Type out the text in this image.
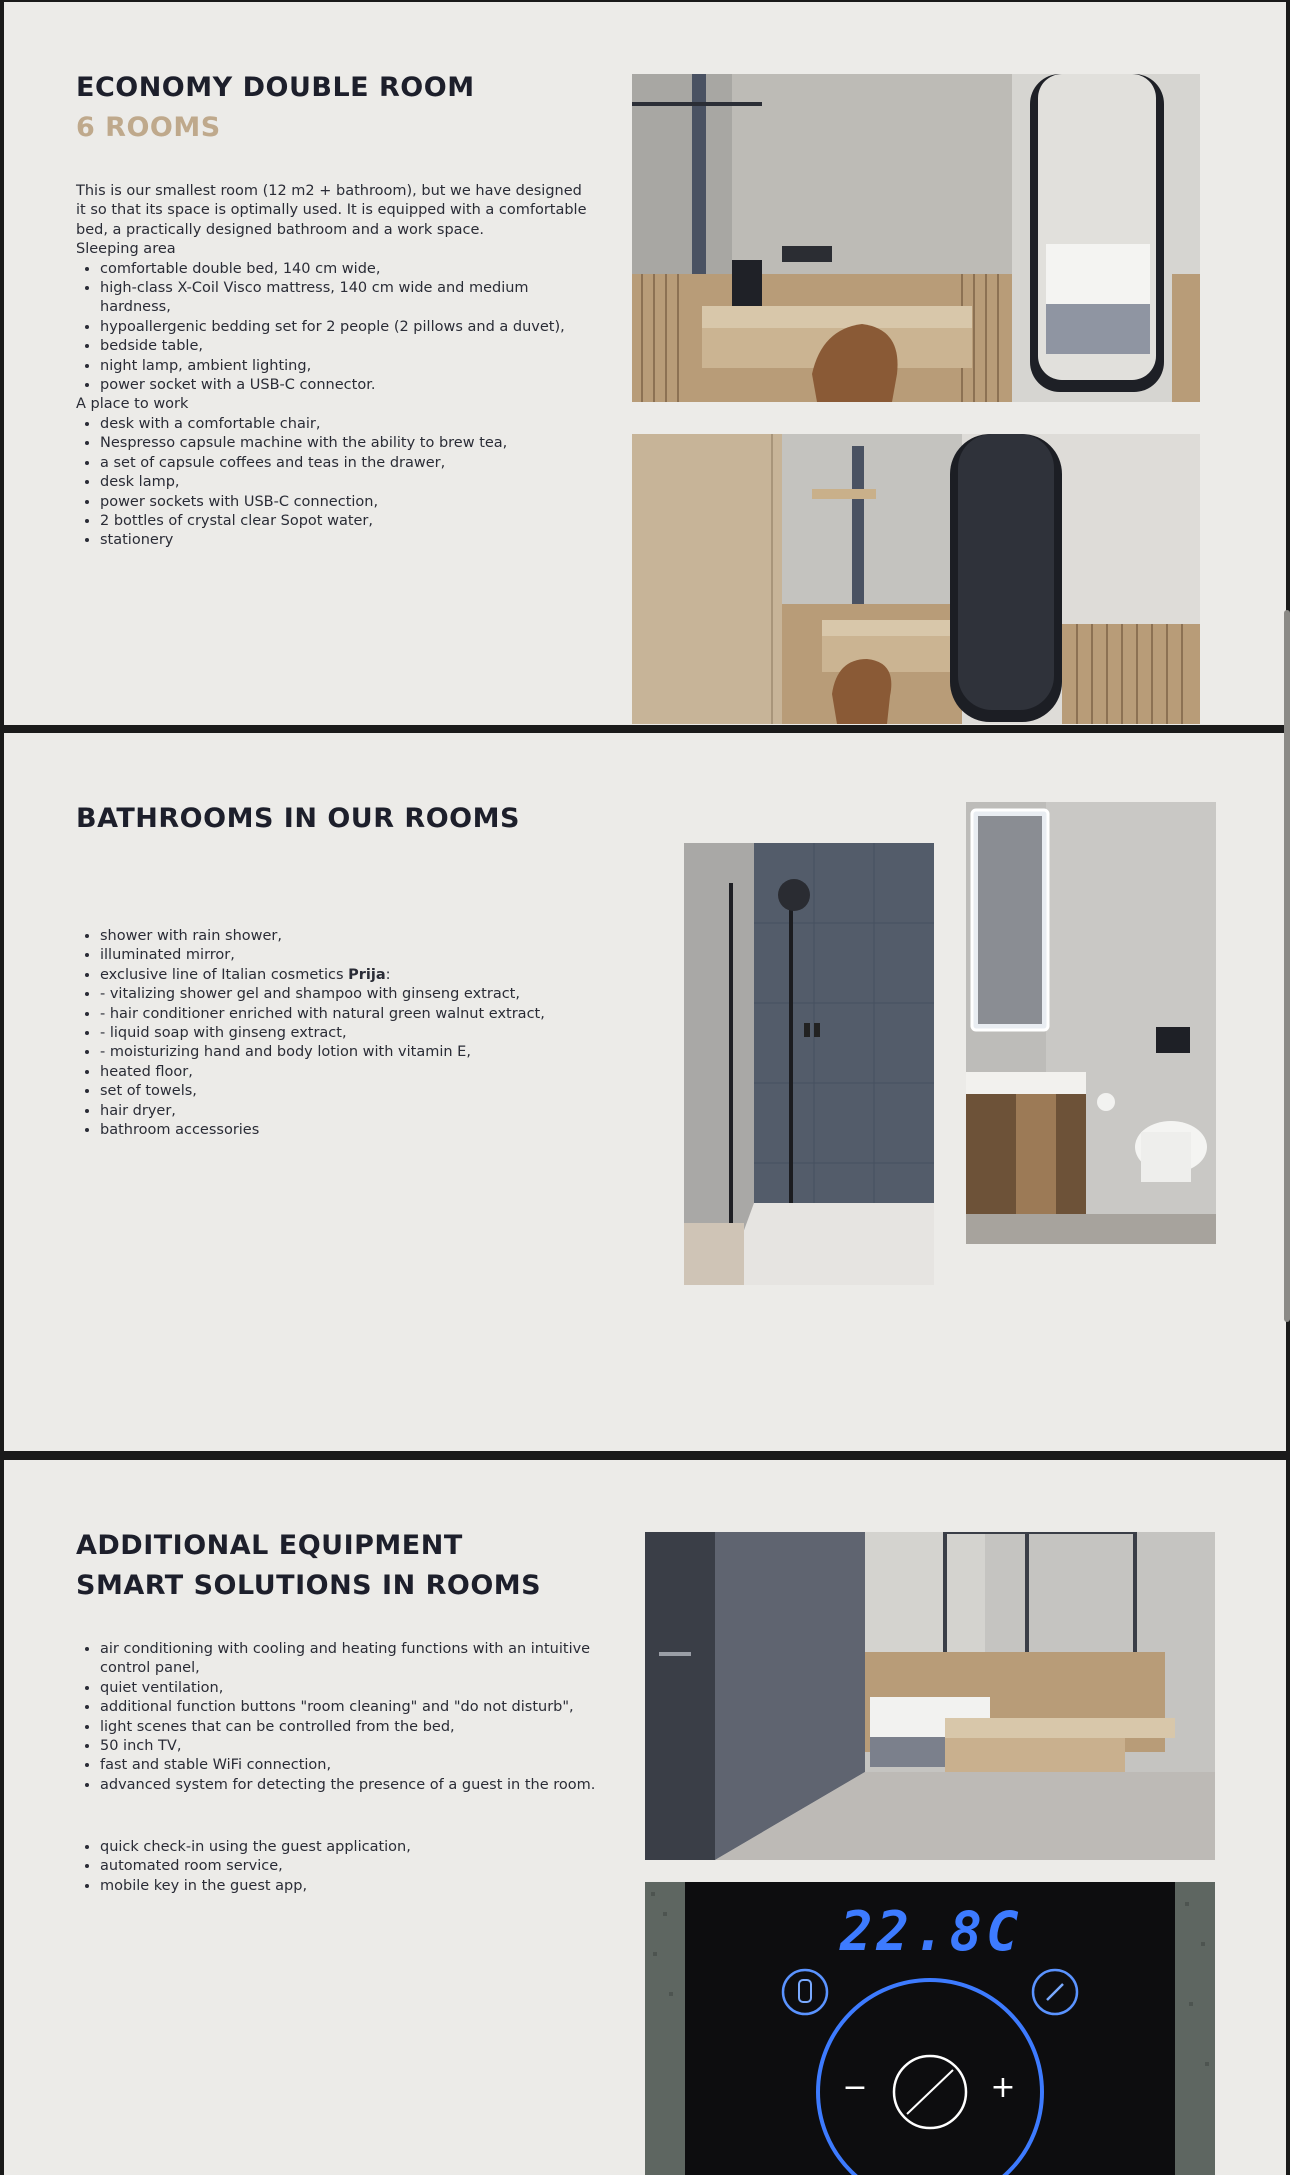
ECONOMY DOUBLE ROOM
6 ROOMS

This is our smallest room (12 m2 + bathroom), but we have designed it so that its space is optimally used. It is equipped with a comfortable bed, a practically designed bathroom and a work space.

Sleeping area

• comfortable double bed, 140 cm wide,
• high-class X-Coil Visco mattress, 140 cm wide and medium hardness,
• hypoallergenic bedding set for 2 people (2 pillows and a duvet),
• bedside table,
• night lamp, ambient lighting,
• power socket with a USB-C connector.

A place to work

• desk with a comfortable chair,
• Nespresso capsule machine with the ability to brew tea,
• a set of capsule coffees and teas in the drawer,
• desk lamp,
• power sockets with USB-C connection,
• 2 bottles of crystal clear Sopot water,
• stationery
BATHROOMS IN OUR ROOMS
• shower with rain shower,
• illuminated mirror,
• exclusive line of Italian cosmetics Prija:
• - vitalizing shower gel and shampoo with ginseng extract,
• - hair conditioner enriched with natural green walnut extract,
• - liquid soap with ginseng extract,
• - moisturizing hand and body lotion with vitamin E,
• heated floor,
• set of towels,
• hair dryer,
• bathroom accessories
ADDITIONAL EQUIPMENT
SMART SOLUTIONS IN ROOMS
• air conditioning with cooling and heating functions with an intuitive control panel,
• quiet ventilation,
• additional function buttons "room cleaning" and "do not disturb",
• light scenes that can be controlled from the bed,
• 50 inch TV,
• fast and stable WiFi connection,
• advanced system for detecting the presence of a guest in the room.
• quick check-in using the guest application,
• automated room service,
• mobile key in the guest app,
22.8C
−	+
